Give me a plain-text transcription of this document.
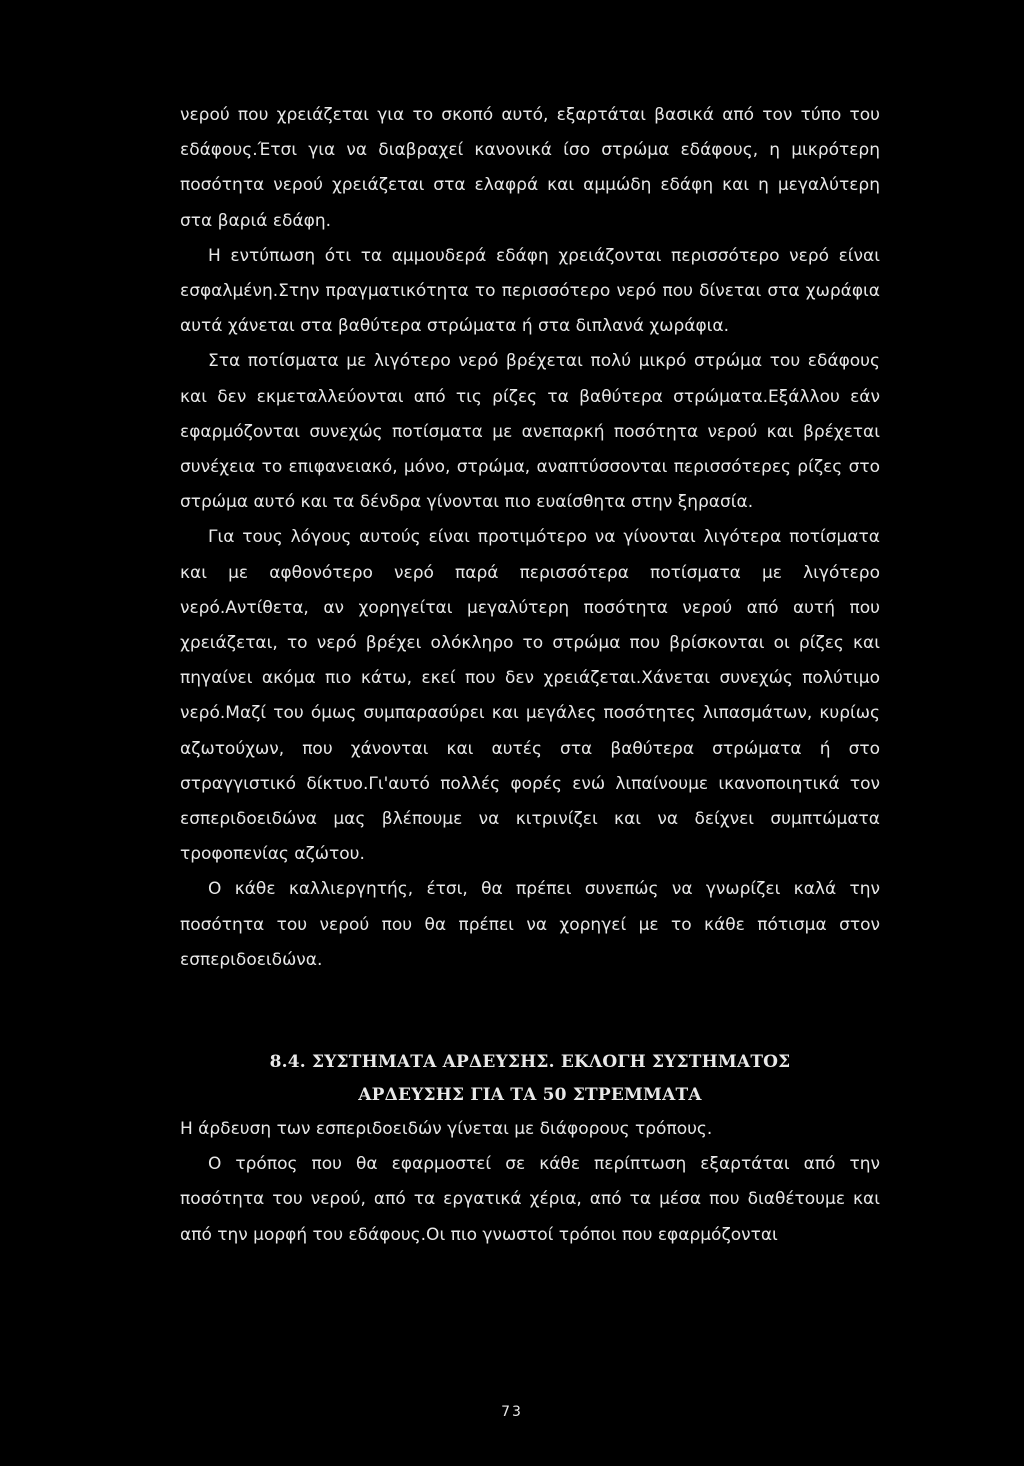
νερού που χρειάζεται για το σκοπό αυτό, εξαρτάται βασικά από τον τύπο του εδάφους.Έτσι για να διαβραχεί κανονικά ίσο στρώμα εδάφους, η μικρότερη ποσότητα νερού χρειάζεται στα ελαφρά και αμμώδη εδάφη και η μεγαλύτερη στα βαριά εδάφη.

Η εντύπωση ότι τα αμμουδερά εδάφη χρειάζονται περισσότερο νερό είναι εσφαλμένη.Στην πραγματικότητα το περισσότερο νερό που δίνεται στα χωράφια αυτά χάνεται στα βαθύτερα στρώματα ή στα διπλανά χωράφια.

Στα ποτίσματα με λιγότερο νερό βρέχεται πολύ μικρό στρώμα του εδάφους και δεν εκμεταλλεύονται από τις ρίζες τα βαθύτερα στρώματα.Εξάλλου εάν εφαρμόζονται συνεχώς ποτίσματα με ανεπαρκή ποσότητα νερού και βρέχεται συνέχεια το επιφανειακό, μόνο, στρώμα, αναπτύσσονται περισσότερες ρίζες στο στρώμα αυτό και τα δένδρα γίνονται πιο ευαίσθητα στην ξηρασία.

Για τους λόγους αυτούς είναι προτιμότερο να γίνονται λιγότερα ποτίσματα και με αφθονότερο νερό παρά περισσότερα ποτίσματα με λιγότερο νερό.Αντίθετα, αν χορηγείται μεγαλύτερη ποσότητα νερού από αυτή που χρειάζεται, το νερό βρέχει ολόκληρο το στρώμα που βρίσκονται οι ρίζες και πηγαίνει ακόμα πιο κάτω, εκεί που δεν χρειάζεται.Χάνεται συνεχώς πολύτιμο νερό.Μαζί του όμως συμπαρασύρει και μεγάλες ποσότητες λιπασμάτων, κυρίως αζωτούχων, που χάνονται και αυτές στα βαθύτερα στρώματα ή στο στραγγιστικό δίκτυο.Γι'αυτό πολλές φορές ενώ λιπαίνουμε ικανοποιητικά τον εσπεριδοειδώνα μας βλέπουμε να κιτρινίζει και να δείχνει συμπτώματα τροφοπενίας αζώτου.

Ο κάθε καλλιεργητής, έτσι, θα πρέπει συνεπώς να γνωρίζει καλά την ποσότητα του νερού που θα πρέπει να χορηγεί με το κάθε πότισμα στον εσπεριδοειδώνα.

8.4. ΣΥΣΤΗΜΑΤΑ ΑΡΔΕΥΣΗΣ. ΕΚΛΟΓΗ ΣΥΣΤΗΜΑΤΟΣ
ΑΡΔΕΥΣΗΣ ΓΙΑ ΤΑ 50 ΣΤΡΕΜΜΑΤΑ

Η άρδευση των εσπεριδοειδών γίνεται με διάφορους τρόπους.

Ο τρόπος που θα εφαρμοστεί σε κάθε περίπτωση εξαρτάται από την ποσότητα του νερού, από τα εργατικά χέρια, από τα μέσα που διαθέτουμε και από την μορφή του εδάφους.Οι πιο γνωστοί τρόποι που εφαρμόζονται

73
